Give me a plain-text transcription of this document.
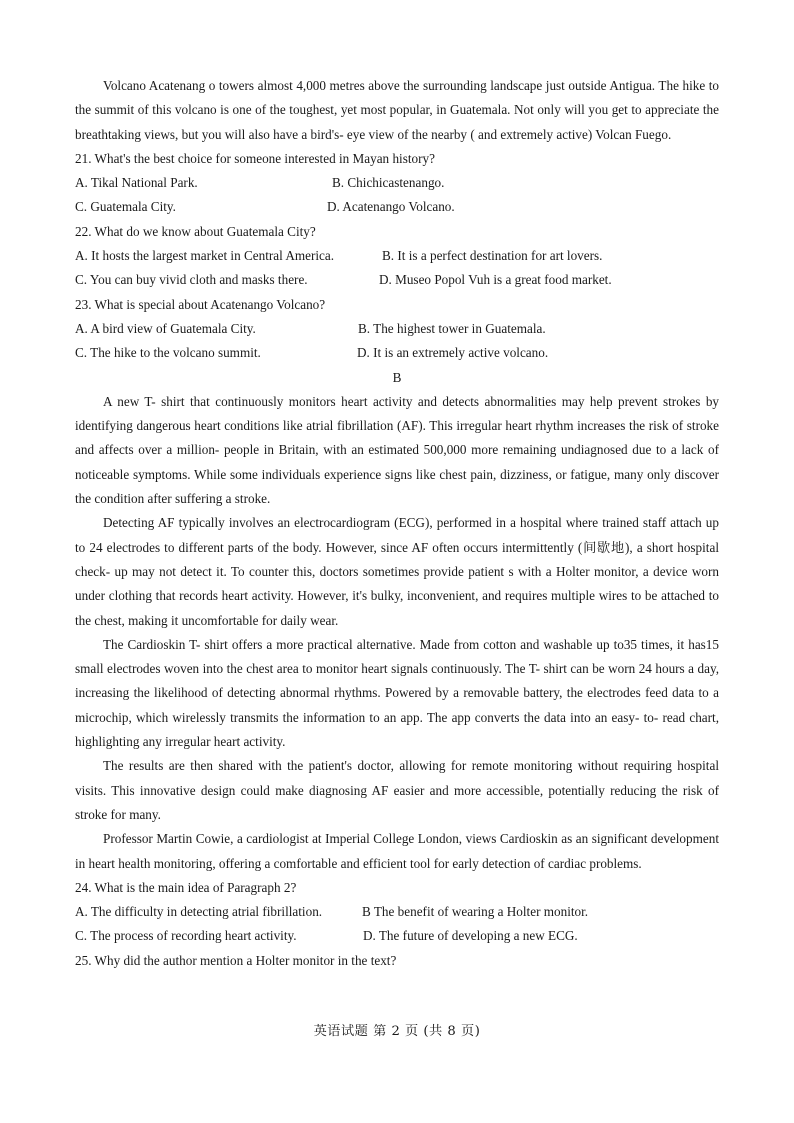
Volcano Acatenang o towers almost 4,000 metres above the surrounding landscape just outside Antigua. The hike to the summit of this volcano is one of the toughest, yet most popular, in Guatemala. Not only will you get to appreciate the breathtaking views, but you will also have a bird's- eye view of the nearby ( and extremely active) Volcan Fuego.

21. What's the best choice for someone interested in Mayan history?

A. Tikal National Park.	B. Chichicastenango.
C. Guatemala City.	D. Acatenango Volcano.

22. What do we know about Guatemala City?

A. It hosts the largest market in Central America.	B. It is a perfect destination for art lovers.
C. You can buy vivid cloth and masks there.	D. Museo Popol Vuh is a great food market.

23. What is special about Acatenango Volcano?

A. A bird view of Guatemala City.	B. The highest tower in Guatemala.
C. The hike to the volcano summit.	D. It is an extremely active volcano.

B

A new T- shirt that continuously monitors heart activity and detects abnormalities may help prevent strokes by identifying dangerous heart conditions like atrial fibrillation (AF). This irregular heart rhythm increases the risk of stroke and affects over a million- people in Britain, with an estimated 500,000 more remaining undiagnosed due to a lack of noticeable symptoms. While some individuals experience signs like chest pain, dizziness, or fatigue, many only discover the condition after suffering a stroke.

Detecting AF typically involves an electrocardiogram (ECG), performed in a hospital where trained staff attach up to 24 electrodes to different parts of the body. However, since AF often occurs intermittently (间歇地), a short hospital check- up may not detect it. To counter this, doctors sometimes provide patient s with a Holter monitor, a device worn under clothing that records heart activity. However, it's bulky, inconvenient, and requires multiple wires to be attached to the chest, making it uncomfortable for daily wear.

The Cardioskin T- shirt offers a more practical alternative. Made from cotton and washable up to35 times, it has15 small electrodes woven into the chest area to monitor heart signals continuously. The T- shirt can be worn 24 hours a day, increasing the likelihood of detecting abnormal rhythms. Powered by a removable battery, the electrodes feed data to a microchip, which wirelessly transmits the information to an app. The app converts the data into an easy- to- read chart, highlighting any irregular heart activity.

The results are then shared with the patient's doctor, allowing for remote monitoring without requiring hospital visits. This innovative design could make diagnosing AF easier and more accessible, potentially reducing the risk of stroke for many.

Professor Martin Cowie, a cardiologist at Imperial College London, views Cardioskin as an significant development in heart health monitoring, offering a comfortable and efficient tool for early detection of cardiac problems.

24. What is the main idea of Paragraph 2?

A. The difficulty in detecting atrial fibrillation.	B The benefit of wearing a Holter monitor.
C. The process of recording heart activity.	D. The future of developing a new ECG.

25. Why did the author mention a Holter monitor in the text?

英语试题 第 2 页 (共 8 页)
